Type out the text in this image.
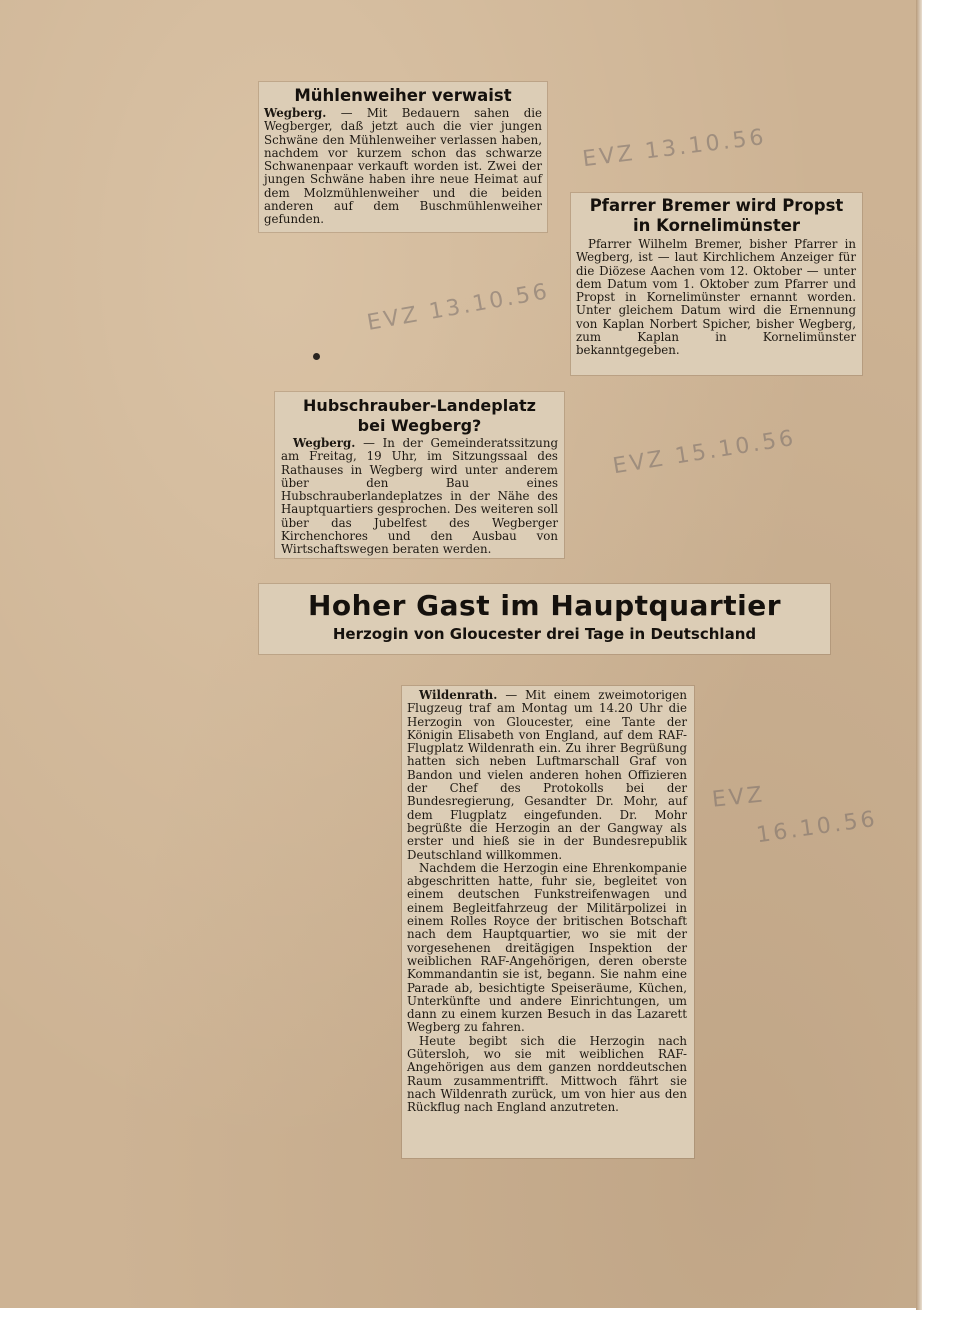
Mühlenweiher verwaist

Wegberg. — Mit Bedauern sahen die Wegberger, daß jetzt auch die vier jungen Schwäne den Mühlenweiher verlassen haben, nachdem vor kurzem schon das schwarze Schwanenpaar verkauft worden ist. Zwei der jungen Schwäne haben ihre neue Heimat auf dem Molzmühlenweiher und die beiden anderen auf dem Buschmühlenweiher gefunden.

Pfarrer Bremer wird Propst
in Kornelimünster

Pfarrer Wilhelm Bremer, bisher Pfarrer in Wegberg, ist — laut Kirchlichem Anzeiger für die Diözese Aachen vom 12. Oktober — unter dem Datum vom 1. Oktober zum Pfarrer und Propst in Kornelimünster ernannt worden. Unter gleichem Datum wird die Ernennung von Kaplan Norbert Spicher, bisher Wegberg, zum Kaplan in Kornelimünster bekanntgegeben.

Hubschrauber-Landeplatz
bei Wegberg?

Wegberg. — In der Gemeinderatssitzung am Freitag, 19 Uhr, im Sitzungssaal des Rathauses in Wegberg wird unter anderem über den Bau eines Hubschrauberlandeplatzes in der Nähe des Hauptquartiers gesprochen. Des weiteren soll über das Jubelfest des Wegberger Kirchenchores und den Ausbau von Wirtschaftswegen beraten werden.

Hoher Gast im Hauptquartier
Herzogin von Gloucester drei Tage in Deutschland

Wildenrath. — Mit einem zweimotorigen Flugzeug traf am Montag um 14.20 Uhr die Herzogin von Gloucester, eine Tante der Königin Elisabeth von England, auf dem RAF-Flugplatz Wildenrath ein. Zu ihrer Begrüßung hatten sich neben Luftmarschall Graf von Bandon und vielen anderen hohen Offizieren der Chef des Protokolls bei der Bundesregierung, Gesandter Dr. Mohr, auf dem Flugplatz eingefunden. Dr. Mohr begrüßte die Herzogin an der Gangway als erster und hieß sie in der Bundesrepublik Deutschland willkommen.

Nachdem die Herzogin eine Ehrenkompanie abgeschritten hatte, fuhr sie, begleitet von einem deutschen Funkstreifenwagen und einem Begleitfahrzeug der Militärpolizei in einem Rolles Royce der britischen Botschaft nach dem Hauptquartier, wo sie mit der vorgesehenen dreitägigen Inspektion der weiblichen RAF-Angehörigen, deren oberste Kommandantin sie ist, begann. Sie nahm eine Parade ab, besichtigte Speiseräume, Küchen, Unterkünfte und andere Einrichtungen, um dann zu einem kurzen Besuch in das Lazarett Wegberg zu fahren.

Heute begibt sich die Herzogin nach Gütersloh, wo sie mit weiblichen RAF-Angehörigen aus dem ganzen norddeutschen Raum zusammentrifft. Mittwoch fährt sie nach Wildenrath zurück, um von hier aus den Rückflug nach England anzutreten.

EVZ 13.10.56
EVZ 13.10.56
EVZ 15.10.56
EVZ
16.10.56
